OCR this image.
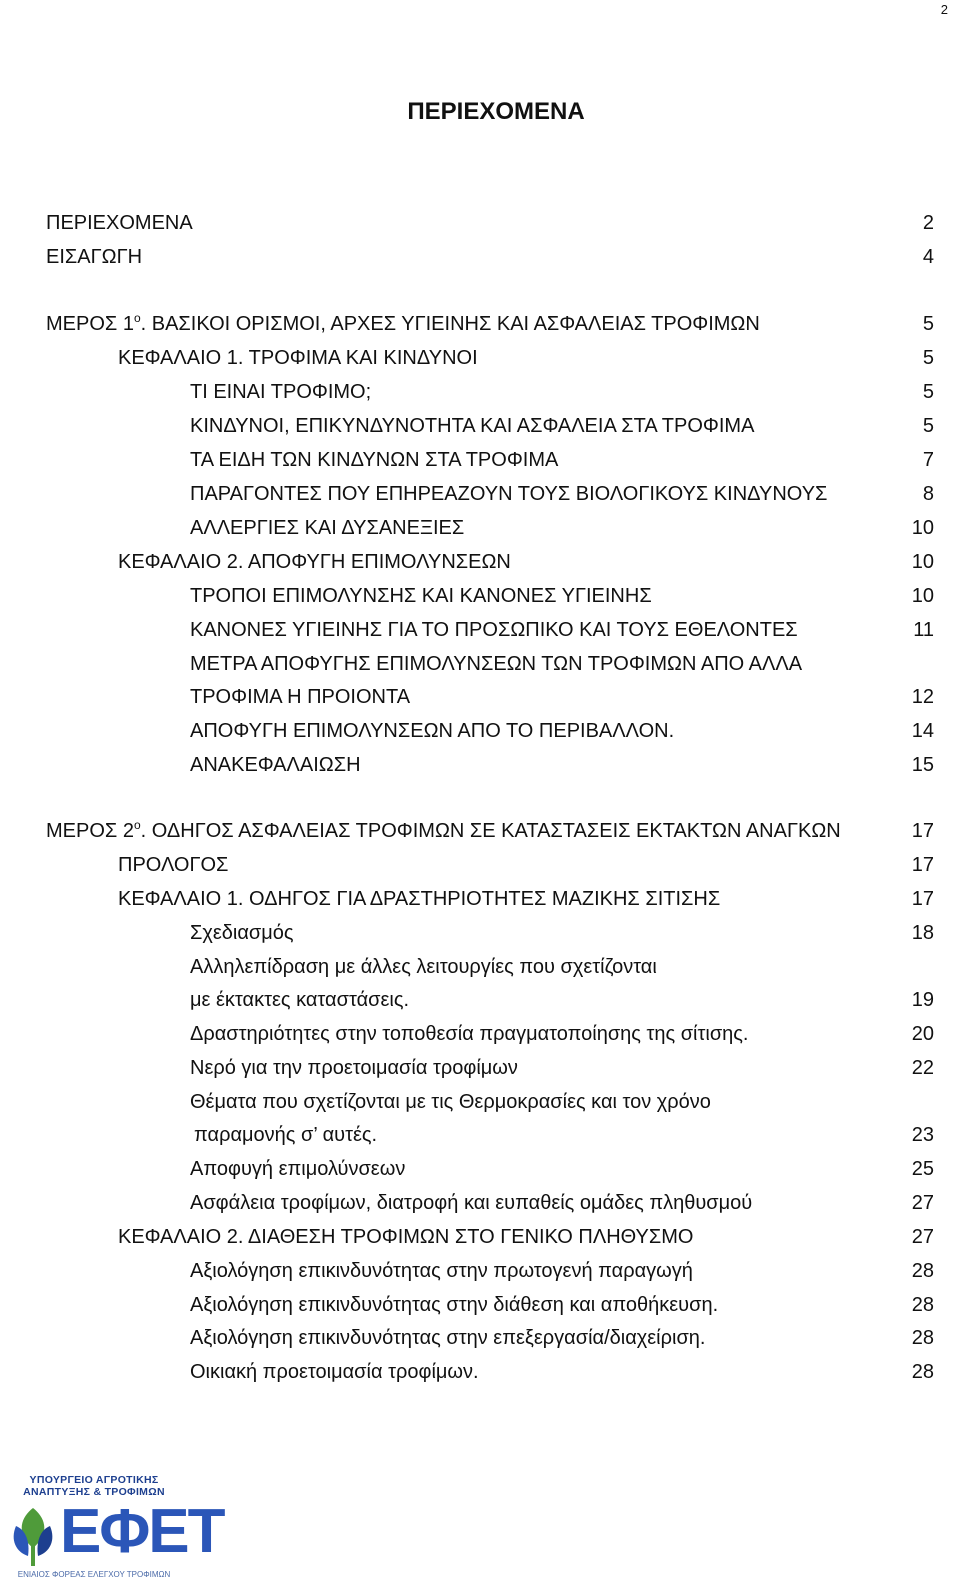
2
ΠΕΡΙΕΧΟΜΕΝΑ
ΠΕΡΙΕΧΟΜΕΝΑ	2
ΕΙΣΑΓΩΓΗ	4
ΜΕΡΟΣ $1^o$. ΒΑΣΙΚΟΙ ΟΡΙΣΜΟΙ, ΑΡΧΕΣ ΥΓΙΕΙΝΗΣ ΚΑΙ ΑΣΦΑΛΕΙΑΣ ΤΡΟΦΙΜΩΝ	5
ΚΕΦΑΛΑΙΟ 1. ΤΡΟΦΙΜΑ ΚΑΙ ΚΙΝΔΥΝΟΙ	5
ΤΙ ΕΙΝΑΙ ΤΡΟΦΙΜΟ;	5
ΚΙΝΔΥΝΟΙ, ΕΠΙΚΥΝΔΥΝΟΤΗΤΑ ΚΑΙ ΑΣΦΑΛΕΙΑ ΣΤΑ ΤΡΟΦΙΜΑ	5
ΤΑ ΕΙΔΗ ΤΩΝ ΚΙΝΔΥΝΩΝ ΣΤΑ ΤΡΟΦΙΜΑ	7
ΠΑΡΑΓΟΝΤΕΣ ΠΟΥ ΕΠΗΡΕΑΖΟΥΝ ΤΟΥΣ ΒΙΟΛΟΓΙΚΟΥΣ ΚΙΝΔΥΝΟΥΣ	8
ΑΛΛΕΡΓΙΕΣ ΚΑΙ ΔΥΣΑΝΕΞΙΕΣ	10
ΚΕΦΑΛΑΙΟ 2. ΑΠΟΦΥΓΗ ΕΠΙΜΟΛΥΝΣΕΩΝ	10
ΤΡΟΠΟΙ ΕΠΙΜΟΛΥΝΣΗΣ ΚΑΙ ΚΑΝΟΝΕΣ ΥΓΙΕΙΝΗΣ	10
ΚΑΝΟΝΕΣ ΥΓΙΕΙΝΗΣ ΓΙΑ ΤΟ ΠΡΟΣΩΠΙΚΟ ΚΑΙ ΤΟΥΣ ΕΘΕΛΟΝΤΕΣ	11
ΜΕΤΡΑ ΑΠΟΦΥΓΗΣ ΕΠΙΜΟΛΥΝΣΕΩΝ ΤΩΝ ΤΡΟΦΙΜΩΝ ΑΠΟ ΑΛΛΑ
ΤΡΟΦΙΜΑ Η ΠΡΟΙΟΝΤΑ	12
ΑΠΟΦΥΓΗ ΕΠΙΜΟΛΥΝΣΕΩΝ ΑΠΟ ΤΟ ΠΕΡΙΒΑΛΛΟΝ.	14
ΑΝΑΚΕΦΑΛΑΙΩΣΗ	15
ΜΕΡΟΣ $2^o$. ΟΔΗΓΟΣ ΑΣΦΑΛΕΙΑΣ ΤΡΟΦΙΜΩΝ ΣΕ ΚΑΤΑΣΤΑΣΕΙΣ ΕΚΤΑΚΤΩΝ ΑΝΑΓΚΩΝ	17
ΠΡΟΛΟΓΟΣ	17
ΚΕΦΑΛΑΙΟ 1. ΟΔΗΓΟΣ ΓΙΑ ΔΡΑΣΤΗΡΙΟΤΗΤΕΣ ΜΑΖΙΚΗΣ ΣΙΤΙΣΗΣ	17
Σχεδιασμός	18
Αλληλεπίδραση με άλλες λειτουργίες που σχετίζονται
με έκτακτες καταστάσεις.	19
Δραστηριότητες στην τοποθεσία πραγματοποίησης της σίτισης.	20
Νερό για την προετοιμασία τροφίμων	22
Θέματα που σχετίζονται με τις Θερμοκρασίες και τον χρόνο
παραμονής σ’ αυτές.	23
Αποφυγή επιμολύνσεων	25
Ασφάλεια τροφίμων, διατροφή και ευπαθείς ομάδες πληθυσμού	27
ΚΕΦΑΛΑΙΟ 2. ΔΙΑΘΕΣΗ ΤΡΟΦΙΜΩΝ ΣΤΟ ΓΕΝΙΚΟ ΠΛΗΘΥΣΜΟ	27
Αξιολόγηση επικινδυνότητας στην πρωτογενή παραγωγή	28
Αξιολόγηση επικινδυνότητας στην διάθεση και αποθήκευση.	28
Αξιολόγηση επικινδυνότητας στην επεξεργασία/διαχείριση.	28
Οικιακή προετοιμασία τροφίμων.	28
ΥΠΟΥΡΓΕΙΟ ΑΓΡΟΤΙΚΗΣ
ΑΝΑΠΤΥΞΗΣ & ΤΡΟΦΙΜΩΝ
ΕΦΕΤ
ΕΝΙΑΙΟΣ ΦΟΡΕΑΣ ΕΛΕΓΧΟΥ ΤΡΟΦΙΜΩΝ
